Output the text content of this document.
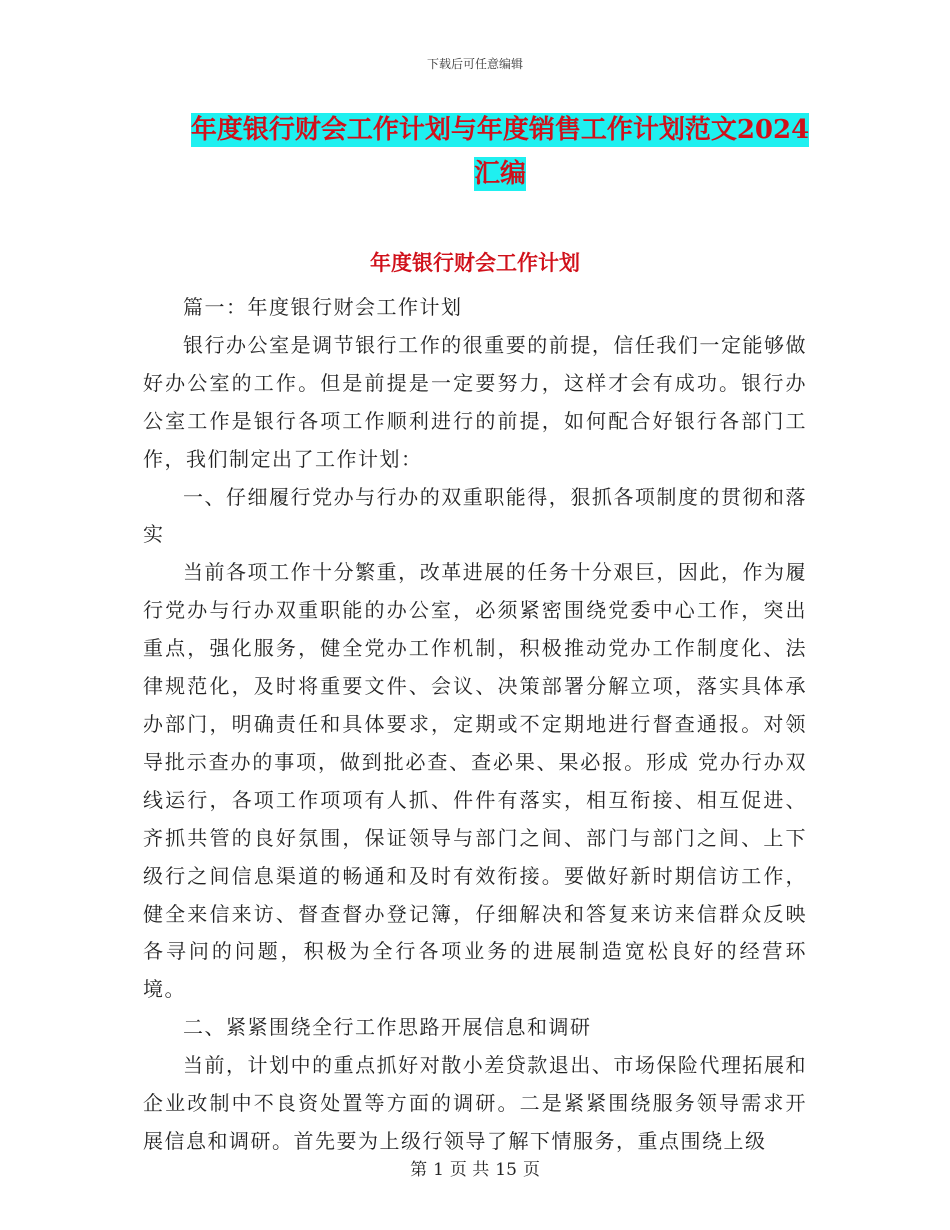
下载后可任意编辑
年度银行财会工作计划与年度销售工作计划范文2024汇编
年度银行财会工作计划

篇一：年度银行财会工作计划

银行办公室是调节银行工作的很重要的前提，信任我们一定能够做好办公室的工作。但是前提是一定要努力，这样才会有成功。银行办公室工作是银行各项工作顺利进行的前提，如何配合好银行各部门工作，我们制定出了工作计划：

一、仔细履行党办与行办的双重职能得，狠抓各项制度的贯彻和落实

当前各项工作十分繁重，改革进展的任务十分艰巨，因此，作为履行党办与行办双重职能的办公室，必须紧密围绕党委中心工作，突出重点，强化服务，健全党办工作机制，积极推动党办工作制度化、法律规范化，及时将重要文件、会议、决策部署分解立项，落实具体承办部门，明确责任和具体要求，定期或不定期地进行督查通报。对领导批示查办的事项，做到批必查、查必果、果必报。形成 党办行办双线运行，各项工作项项有人抓、件件有落实，相互衔接、相互促进、齐抓共管的良好氛围，保证领导与部门之间、部门与部门之间、上下级行之间信息渠道的畅通和及时有效衔接。要做好新时期信访工作，健全来信来访、督查督办登记簿，仔细解决和答复来访来信群众反映各寻问的问题，积极为全行各项业务的进展制造宽松良好的经营环境。

二、紧紧围绕全行工作思路开展信息和调研

当前，计划中的重点抓好对散小差贷款退出、市场保险代理拓展和企业改制中不良资处置等方面的调研。二是紧紧围绕服务领导需求开展信息和调研。首先要为上级行领导了解下情服务，重点围绕上级

第 1 页 共 15 页
